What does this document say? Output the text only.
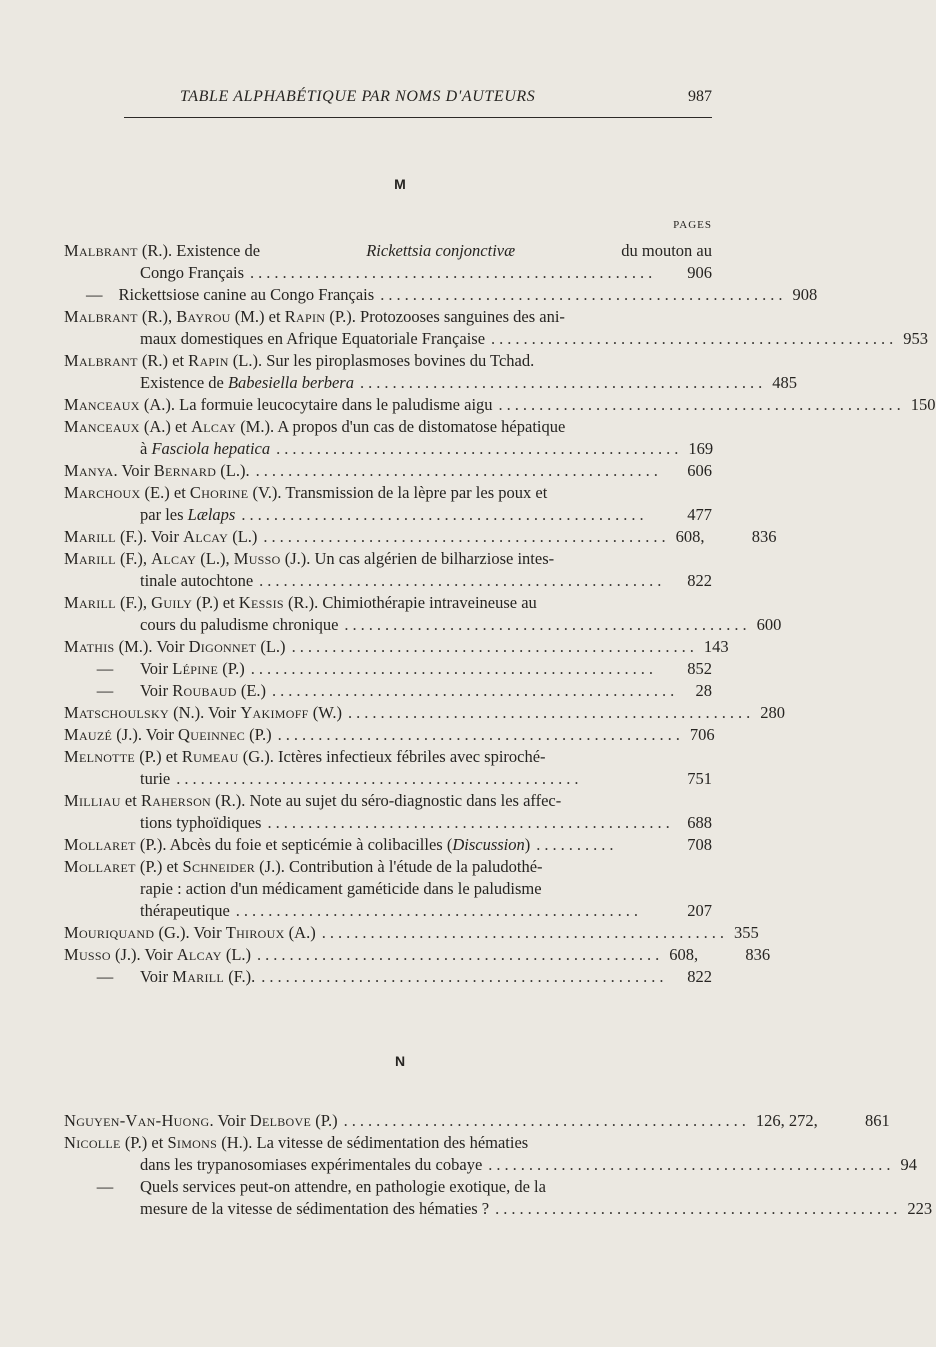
TABLE ALPHABÉTIQUE PAR NOMS D'AUTEURS	987
M
PAGES
Malbrant (R.). Existence de	Rickettsia conjonctivæ	du mouton au
Congo Français ..................................................	906
— Rickettsiose canine au Congo Français .................................................. 908
Malbrant (R.), Bayrou (M.) et Rapin (P.). Protozooses sanguines des ani-
maux domestiques en Afrique Equatoriale Française .................................................. 953
Malbrant (R.) et Rapin (L.). Sur les piroplasmoses bovines du Tchad.
Existence de Babesiella berbera .................................................. 485
Manceaux (A.). La formuie leucocytaire dans le paludisme aigu .................................................. 150
Manceaux (A.) et Alcay (M.). A propos d'un cas de distomatose hépatique
à Fasciola hepatica .................................................. 169
Manya. Voir Bernard (L.). ..................................................	606
Marchoux (E.) et Chorine (V.). Transmission de la lèpre par les poux et
par les Lælaps ..................................................	477
Marill (F.). Voir Alcay (L.) .................................................. 608,	836
Marill (F.), Alcay (L.), Musso (J.). Un cas algérien de bilharziose intes-
tinale autochtone ..................................................	822
Marill (F.), Guily (P.) et Kessis (R.). Chimiothérapie intraveineuse au
cours du paludisme chronique .................................................. 600
Mathis (M.). Voir Digonnet (L.) .................................................. 143
—	Voir Lépine (P.) ..................................................	852
—	Voir Roubaud (E.) ..................................................	28
Matschoulsky (N.). Voir Yakimoff (W.) .................................................. 280
Mauzé (J.). Voir Queinnec (P.) .................................................. 706
Melnotte (P.) et Rumeau (G.). Ictères infectieux fébriles avec spiroché-
turie ..................................................	751
Milliau et Raherson (R.). Note au sujet du séro-diagnostic dans les affec-
tions typhoïdiques .................................................. 688
Mollaret (P.). Abcès du foie et septicémie à colibacilles (Discussion) ..........	708
Mollaret (P.) et Schneider (J.). Contribution à l'étude de la paludothé-
rapie : action d'un médicament gaméticide dans le paludisme
thérapeutique ..................................................	207
Mouriquand (G.). Voir Thiroux (A.) .................................................. 355
Musso (J.). Voir Alcay (L.) .................................................. 608,	836
—	Voir Marill (F.). ..................................................	822
N
Nguyen-Van-Huong. Voir Delbove (P.) .................................................. 126, 272,	861
Nicolle (P.) et Simons (H.). La vitesse de sédimentation des hématies
dans les trypanosomiases expérimentales du cobaye .................................................. 94
— Quels services peut-on attendre, en pathologie exotique, de la
mesure de la vitesse de sédimentation des hématies ? .................................................. 223
